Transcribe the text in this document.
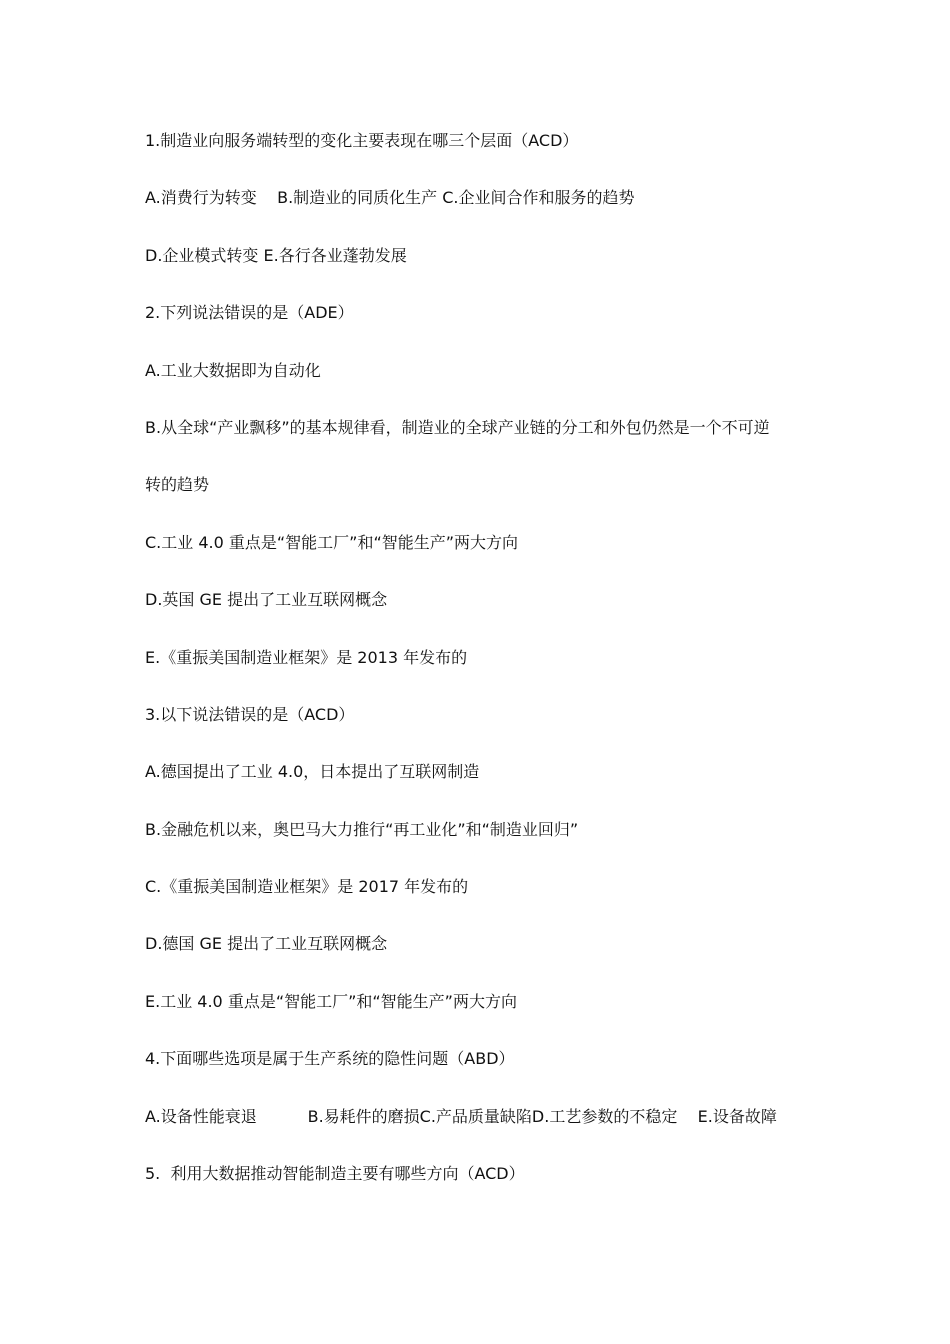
1.制造业向服务端转型的变化主要表现在哪三个层面（ACD）
A.消费行为转变    B.制造业的同质化生产 C.企业间合作和服务的趋势
D.企业模式转变 E.各行各业蓬勃发展
2.下列说法错误的是（ADE）
A.工业大数据即为自动化
B.从全球“产业飘移”的基本规律看，制造业的全球产业链的分工和外包仍然是一个不可逆
转的趋势
C.工业 4.0 重点是“智能工厂”和“智能生产”两大方向
D.英国 GE 提出了工业互联网概念
E.《重振美国制造业框架》是 2013 年发布的
3.以下说法错误的是（ACD）
A.德国提出了工业 4.0，日本提出了互联网制造
B.金融危机以来，奥巴马大力推行“再工业化”和“制造业回归”
C.《重振美国制造业框架》是 2017 年发布的
D.德国 GE 提出了工业互联网概念
E.工业 4.0 重点是“智能工厂”和“智能生产”两大方向
4.下面哪些选项是属于生产系统的隐性问题（ABD）
A.设备性能衰退          B.易耗件的磨损C.产品质量缺陷D.工艺参数的不稳定    E.设备故障
5.  利用大数据推动智能制造主要有哪些方向（ACD）
